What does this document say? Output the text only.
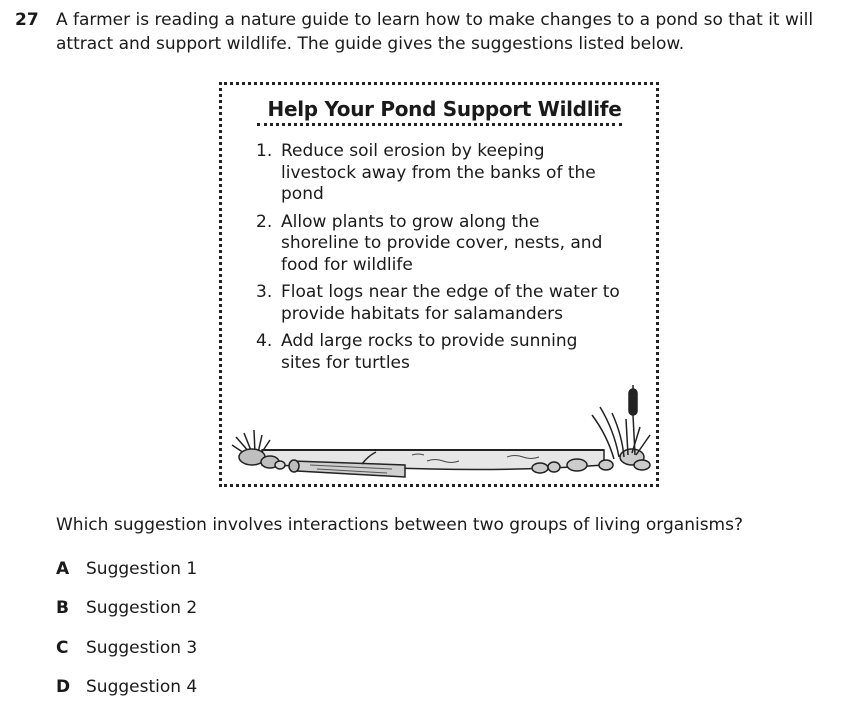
27 A farmer is reading a nature guide to learn how to make changes to a pond so that it will attract and support wildlife. The guide gives the suggestions listed below.
Help Your Pond Support Wildlife
1. Reduce soil erosion by keeping livestock away from the banks of the pond
2. Allow plants to grow along the shoreline to provide cover, nests, and food for wildlife
3. Float logs near the edge of the water to provide habitats for salamanders
4. Add large rocks to provide sunning sites for turtles
Which suggestion involves interactions between two groups of living organisms?
A Suggestion 1
B Suggestion 2
C Suggestion 3
D Suggestion 4
